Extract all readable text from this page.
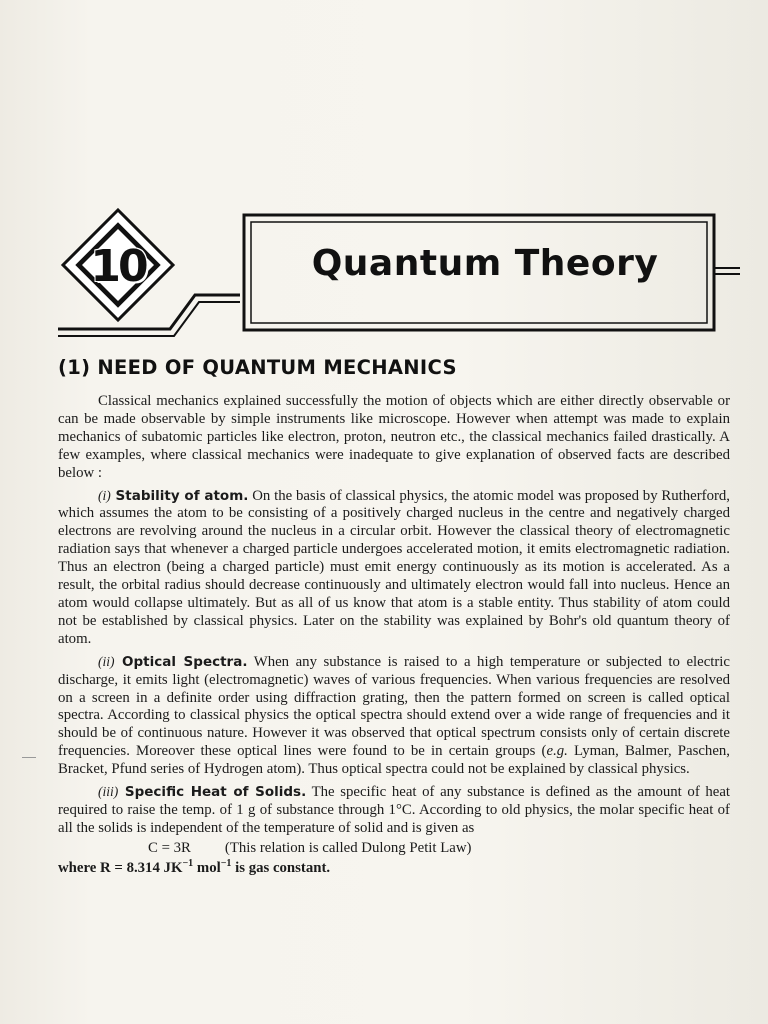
10	Quantum Theory
(1) NEED OF QUANTUM MECHANICS

Classical mechanics explained successfully the motion of objects which are either directly observable or can be made observable by simple instruments like microscope. However when attempt was made to explain mechanics of subatomic particles like electron, proton, neutron etc., the classical mechanics failed drastically. A few examples, where classical mechanics were inadequate to give explanation of observed facts are described below :

(i) Stability of atom. On the basis of classical physics, the atomic model was proposed by Rutherford, which assumes the atom to be consisting of a positively charged nucleus in the centre and negatively charged electrons are revolving around the nucleus in a circular orbit. However the classical theory of electromagnetic radiation says that whenever a charged particle undergoes accelerated motion, it emits electromagnetic radiation. Thus an electron (being a charged particle) must emit energy continuously as its motion is accelerated. As a result, the orbital radius should decrease continuously and ultimately electron would fall into nucleus. Hence an atom would collapse ultimately. But as all of us know that atom is a stable entity. Thus stability of atom could not be established by classical physics. Later on the stability was explained by Bohr's old quantum theory of atom.

(ii) Optical Spectra. When any substance is raised to a high temperature or subjected to electric discharge, it emits light (electromagnetic) waves of various frequencies. When various frequencies are resolved on a screen in a definite order using diffraction grating, then the pattern formed on screen is called optical spectra. According to classical physics the optical spectra should extend over a wide range of frequencies and it should be of continuous nature. However it was observed that optical spectrum consists only of certain discrete frequencies. Moreover these optical lines were found to be in certain groups (e.g. Lyman, Balmer, Paschen, Bracket, Pfund series of Hydrogen atom). Thus optical spectra could not be explained by classical physics.

(iii) Specific Heat of Solids. The specific heat of any substance is defined as the amount of heat required to raise the temp. of 1 g of substance through 1°C. According to old physics, the molar specific heat of all the solids is independent of the temperature of solid and is given as

C = 3R (This relation is called Dulong Petit Law)
where R = 8.314 $JK^{-1}$ mol$^{-1}$ is gas constant.
